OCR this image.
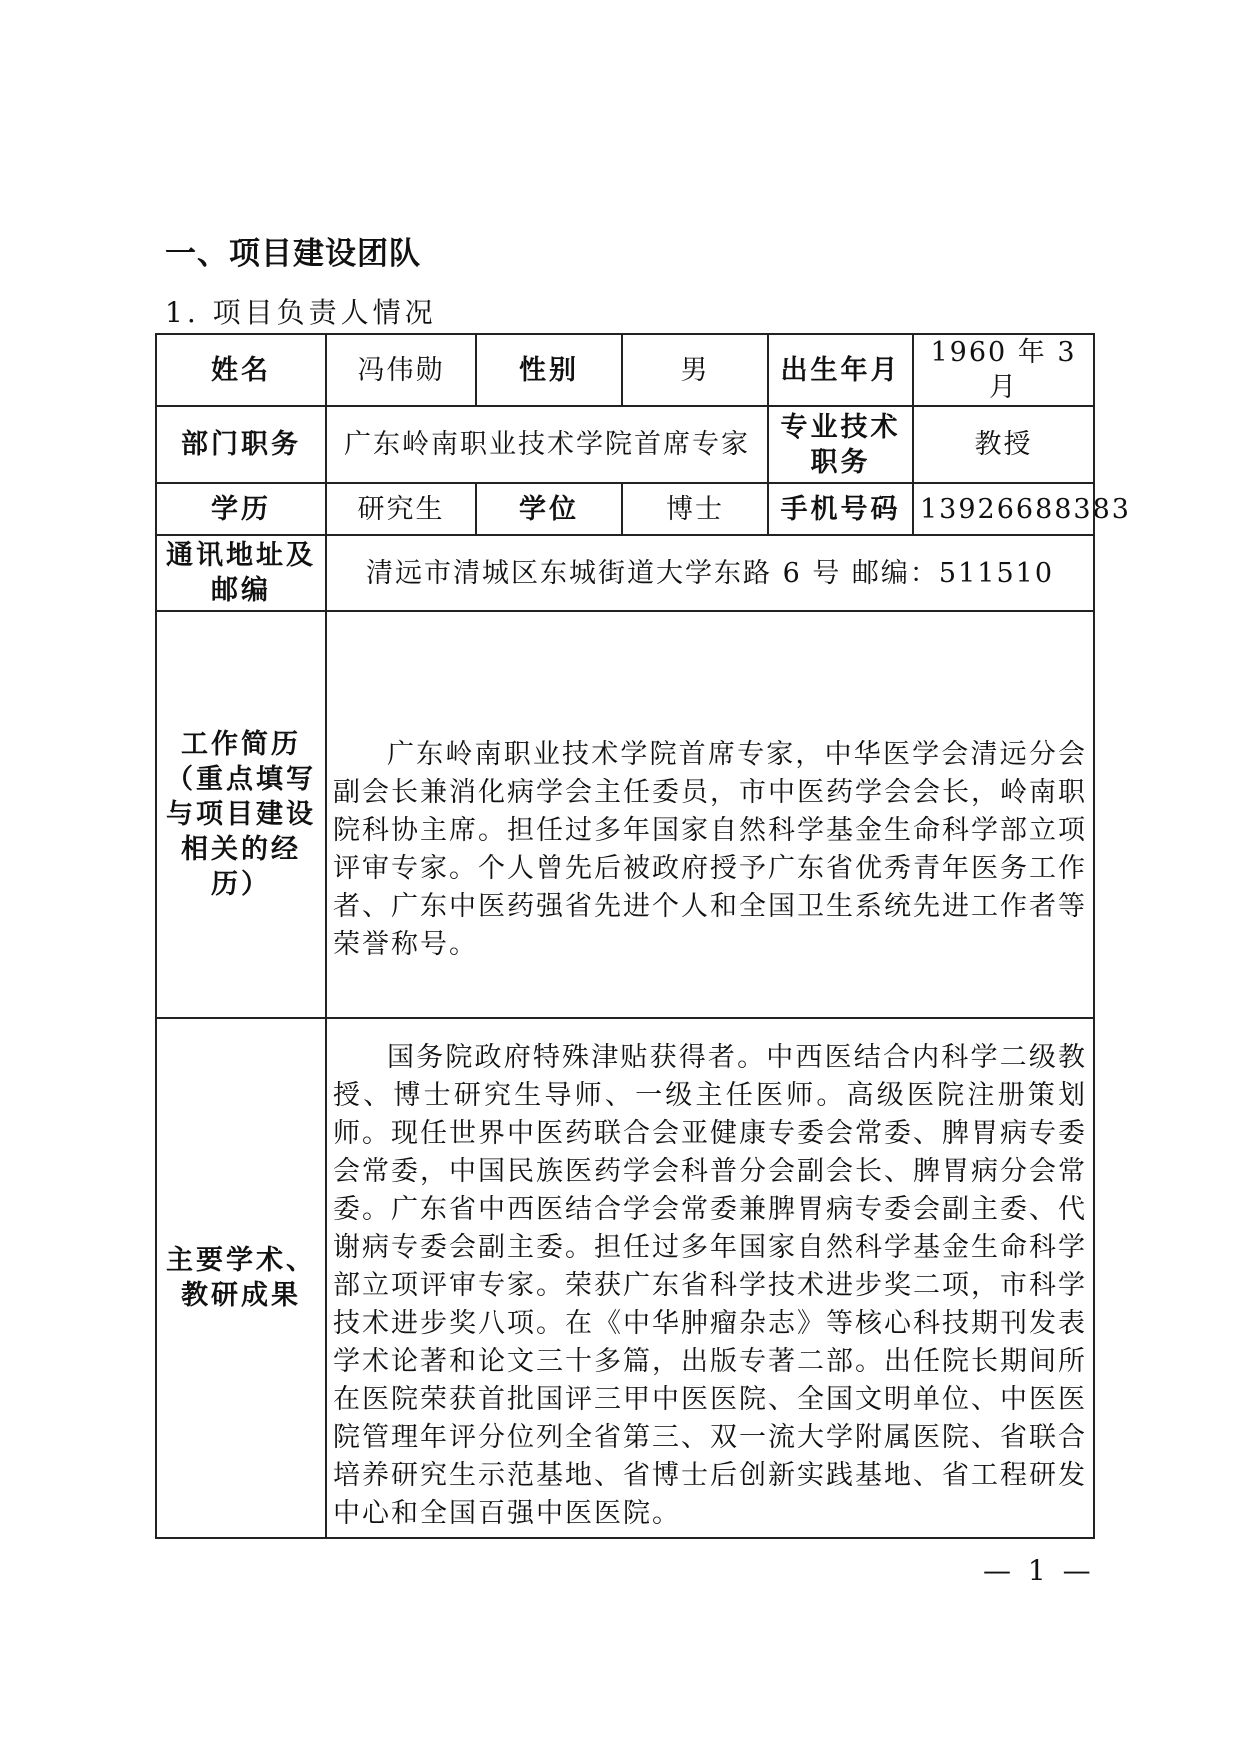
一、项目建设团队
1. 项目负责人情况
姓名	冯伟勋	性别	男	出生年月	1960 年 3 月
部门职务	广东岭南职业技术学院首席专家			专业技术职务	教授
学历	研究生	学位	博士	手机号码	13926688383
通讯地址及邮编	清远市清城区东城街道大学东路 6 号 邮编：511510				
工作简历（重点填写与项目建设相关的经历）	广东岭南职业技术学院首席专家，中华医学会清远分会副会长兼消化病学会主任委员，市中医药学会会长，岭南职院科协主席。担任过多年国家自然科学基金生命科学部立项评审专家。个人曾先后被政府授予广东省优秀青年医务工作者、广东中医药强省先进个人和全国卫生系统先进工作者等荣誉称号。				

主要学术、教研成果	国务院政府特殊津贴获得者。中西医结合内科学二级教授、博士研究生导师、一级主任医师。高级医院注册策划师。现任世界中医药联合会亚健康专委会常委、脾胃病专委会常委，中国民族医药学会科普分会副会长、脾胃病分会常委。广东省中西医结合学会常委兼脾胃病专委会副主委、代谢病专委会副主委。担任过多年国家自然科学基金生命科学部立项评审专家。荣获广东省科学技术进步奖二项，市科学技术进步奖八项。在《中华肿瘤杂志》等核心科技期刊发表学术论著和论文三十多篇，出版专著二部。出任院长期间所在医院荣获首批国评三甲中医医院、全国文明单位、中医医院管理年评分位列全省第三、双一流大学附属医院、省联合培养研究生示范基地、省博士后创新实践基地、省工程研发中心和全国百强中医医院。				

— 1 —
